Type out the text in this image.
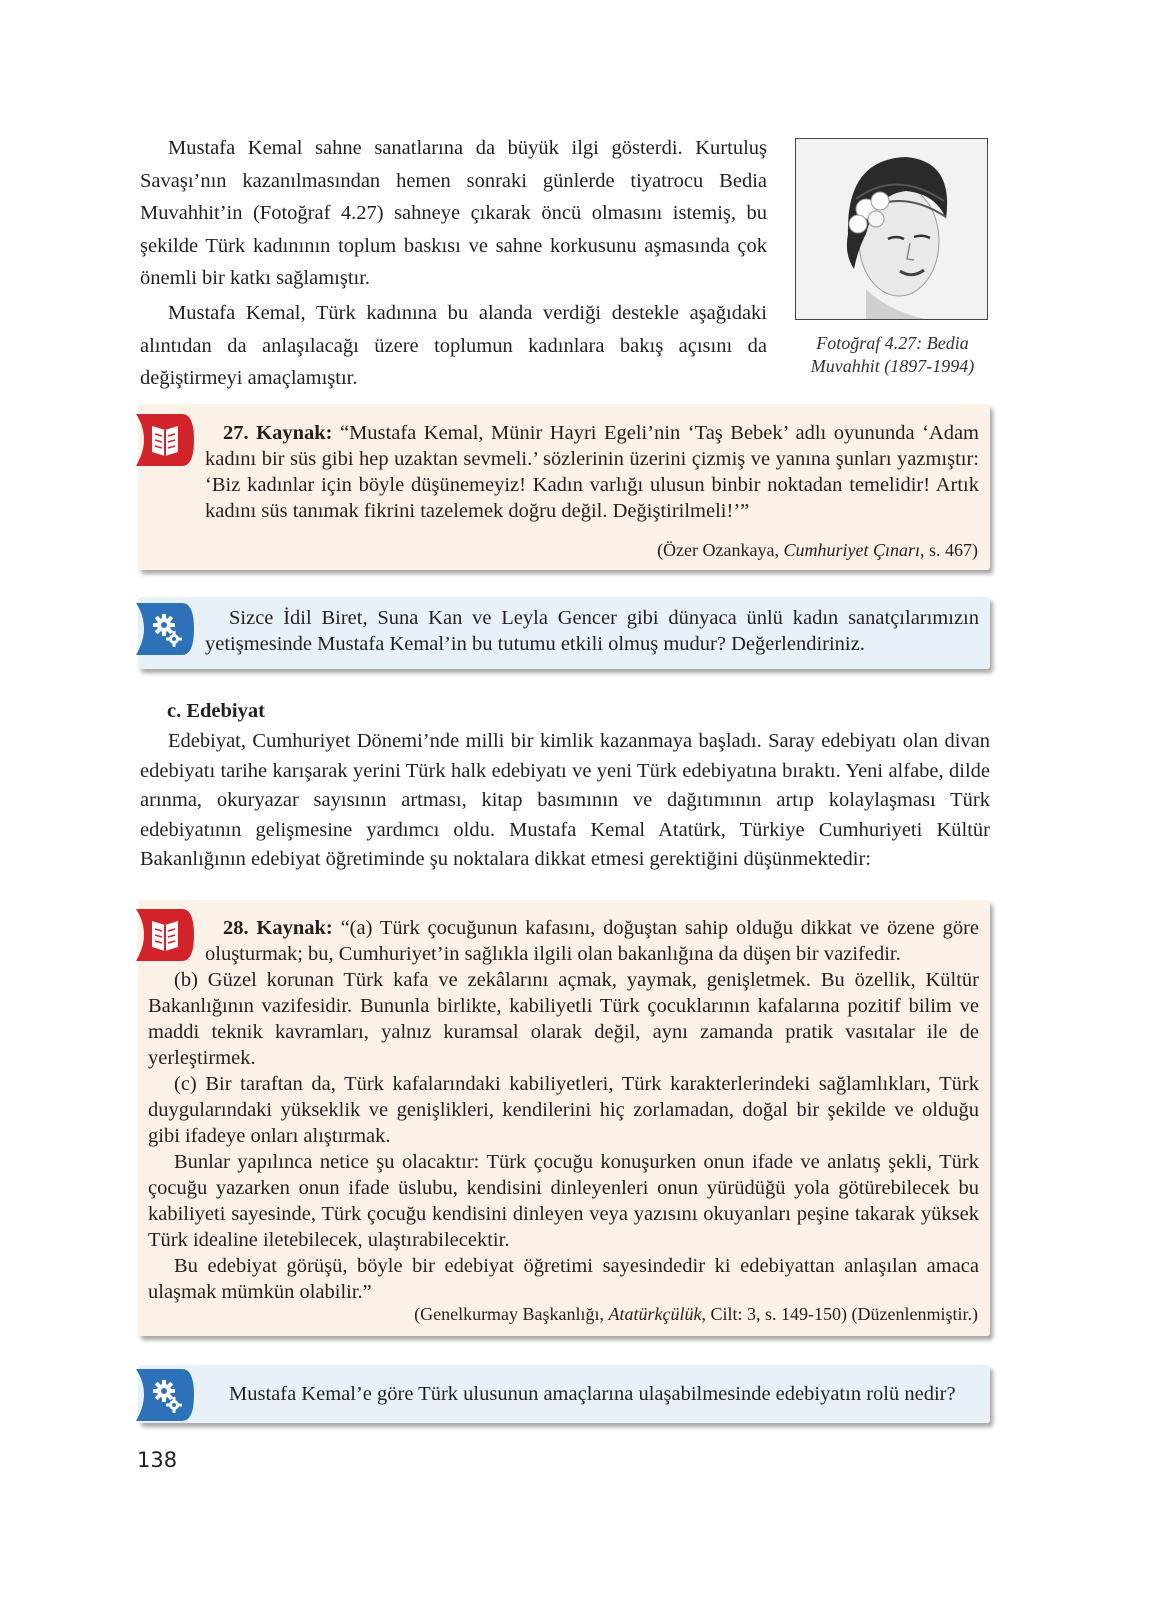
Mustafa Kemal sahne sanatlarına da büyük ilgi gösterdi. Kurtuluş Savaşı’nın kazanılmasından hemen sonraki günlerde tiyatrocu Bedia Muvahhit’in (Fotoğraf 4.27) sahneye çıkarak öncü olmasını istemiş, bu şekilde Türk kadınının toplum baskısı ve sahne korkusunu aşmasında çok önemli bir katkı sağlamıştır.

Mustafa Kemal, Türk kadınına bu alanda verdiği destekle aşağıdaki alıntıdan da anlaşılacağı üzere toplumun kadınlara bakış açısını da değiştirmeyi amaçlamıştır.

Fotoğraf 4.27: Bedia
Muvahhit (1897-1994)

27. Kaynak: “Mustafa Kemal, Münir Hayri Egeli’nin ‘Taş Bebek’ adlı oyununda ‘Adam kadını bir süs gibi hep uzaktan sevmeli.’ sözlerinin üzerini çizmiş ve yanına şunları yazmıştır: ‘Biz kadınlar için böyle düşünemeyiz! Kadın varlığı ulusun binbir noktadan temelidir! Artık kadını süs tanımak fikrini tazelemek doğru değil. Değiştirilmeli!’”

(Özer Ozankaya, Cumhuriyet Çınarı, s. 467)

Sizce İdil Biret, Suna Kan ve Leyla Gencer gibi dünyaca ünlü kadın sanatçılarımızın yetişmesinde Mustafa Kemal’in bu tutumu etkili olmuş mudur? Değerlendiriniz.

c. Edebiyat

Edebiyat, Cumhuriyet Dönemi’nde milli bir kimlik kazanmaya başladı. Saray edebiyatı olan divan edebiyatı tarihe karışarak yerini Türk halk edebiyatı ve yeni Türk edebiyatına bıraktı. Yeni alfabe, dilde arınma, okuryazar sayısının artması, kitap basımının ve dağıtımının artıp kolaylaşması Türk edebiyatının gelişmesine yardımcı oldu. Mustafa Kemal Atatürk, Türkiye Cumhuriyeti Kültür Bakanlığının edebiyat öğretiminde şu noktalara dikkat etmesi gerektiğini düşünmektedir:

28. Kaynak: “(a) Türk çocuğunun kafasını, doğuştan sahip olduğu dikkat ve özene göre oluşturmak; bu, Cumhuriyet’in sağlıkla ilgili olan bakanlığına da düşen bir vazifedir.

(b) Güzel korunan Türk kafa ve zekâlarını açmak, yaymak, genişletmek. Bu özellik, Kültür Bakanlığının vazifesidir. Bununla birlikte, kabiliyetli Türk çocuklarının kafalarına pozitif bilim ve maddi teknik kavramları, yalnız kuramsal olarak değil, aynı zamanda pratik vasıtalar ile de yerleştirmek.

(c) Bir taraftan da, Türk kafalarındaki kabiliyetleri, Türk karakterlerindeki sağlamlıkları, Türk duygularındaki yükseklik ve genişlikleri, kendilerini hiç zorlamadan, doğal bir şekilde ve olduğu gibi ifadeye onları alıştırmak.

Bunlar yapılınca netice şu olacaktır: Türk çocuğu konuşurken onun ifade ve anlatış şekli, Türk çocuğu yazarken onun ifade üslubu, kendisini dinleyenleri onun yürüdüğü yola götürebilecek bu kabiliyeti sayesinde, Türk çocuğu kendisini dinleyen veya yazısını okuyanları peşine takarak yüksek Türk idealine iletebilecek, ulaştırabilecektir.

Bu edebiyat görüşü, böyle bir edebiyat öğretimi sayesindedir ki edebiyattan anlaşılan amaca ulaşmak mümkün olabilir.”

(Genelkurmay Başkanlığı, Atatürkçülük, Cilt: 3, s. 149-150) (Düzenlenmiştir.)

Mustafa Kemal’e göre Türk ulusunun amaçlarına ulaşabilmesinde edebiyatın rolü nedir?

138
